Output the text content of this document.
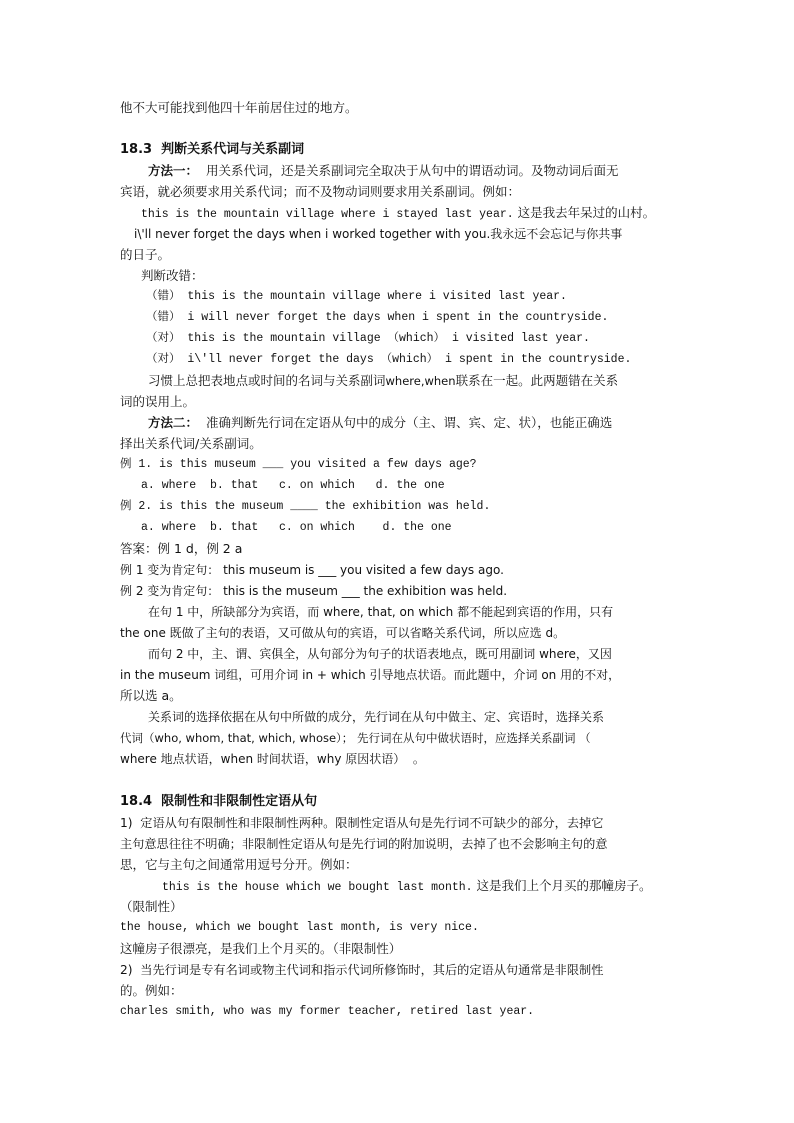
他不大可能找到他四十年前居住过的地方。
18.3  判断关系代词与关系副词
方法一：  用关系代词，还是关系副词完全取决于从句中的谓语动词。及物动词后面无
宾语，就必须要求用关系代词；而不及物动词则要求用关系副词。例如：
this is the mountain village where i stayed last year. 这是我去年呆过的山村。
i\'ll never forget the days when i worked together with you.我永远不会忘记与你共事
的日子。
判断改错：
（错） this is the mountain village where i visited last year.
（错） i will never forget the days when i spent in the countryside.
（对） this is the mountain village （which） i visited last year.
（对） i\'ll never forget the days （which） i spent in the countryside.
习惯上总把表地点或时间的名词与关系副词where,when联系在一起。此两题错在关系
词的误用上。
方法二：  准确判断先行词在定语从句中的成分（主、谓、宾、定、状），也能正确选
择出关系代词/关系副词。
例 1. is this museum ___ you visited a few days age?
a. where  b. that   c. on which   d. the one
例 2. is this the museum ____ the exhibition was held.
a. where  b. that   c. on which    d. the one
答案：例 1 d，例 2 a
例 1 变为肯定句： this museum is ___ you visited a few days ago.
例 2 变为肯定句： this is the museum ___ the exhibition was held.
在句 1 中，所缺部分为宾语，而 where, that, on which 都不能起到宾语的作用，只有
the one 既做了主句的表语，又可做从句的宾语，可以省略关系代词，所以应选 d。
而句 2 中，主、谓、宾俱全，从句部分为句子的状语表地点，既可用副词 where，又因
in the museum 词组，可用介词 in + which 引导地点状语。而此题中，介词 on 用的不对，
所以选 a。
关系词的选择依据在从句中所做的成分，先行词在从句中做主、定、宾语时，选择关系
代词（who, whom, that, which, whose）； 先行词在从句中做状语时，应选择关系副词 （
where 地点状语，when 时间状语，why 原因状语）  。
18.4  限制性和非限制性定语从句
1)  定语从句有限制性和非限制性两种。限制性定语从句是先行词不可缺少的部分，去掉它
主句意思往往不明确；非限制性定语从句是先行词的附加说明，去掉了也不会影响主句的意
思，它与主句之间通常用逗号分开。例如：
this is the house which we bought last month. 这是我们上个月买的那幢房子。
（限制性）
the house, which we bought last month, is very nice.
这幢房子很漂亮，是我们上个月买的。（非限制性）
2)  当先行词是专有名词或物主代词和指示代词所修饰时，其后的定语从句通常是非限制性
的。例如：
charles smith, who was my former teacher, retired last year.
